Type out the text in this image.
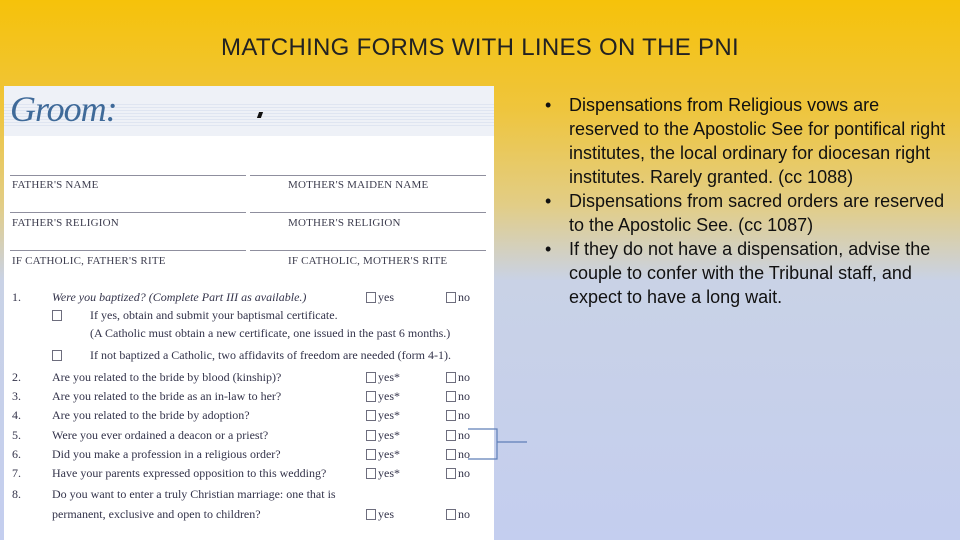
MATCHING FORMS WITH LINES ON THE PNI
Groom:
FATHER'S NAME	MOTHER'S MAIDEN NAME
FATHER'S RELIGION	MOTHER'S RELIGION
IF CATHOLIC, FATHER'S RITE	IF CATHOLIC, MOTHER'S RITE
1.	Were you baptized? (Complete Part III as available.)	yes	no
If yes, obtain and submit your baptismal certificate.
(A Catholic must obtain a new certificate, one issued in the past 6 months.)
If not baptized a Catholic, two affidavits of freedom are needed (form 4-1).
2.	Are you related to the bride by blood (kinship)?	yes*	no
3.	Are you related to the bride as an in-law to her?	yes*	no
4.	Are you related to the bride by adoption?	yes*	no
5.	Were you ever ordained a deacon or a priest?	yes*	no
6.	Did you make a profession in a religious order?	yes*	no
7.	Have your parents expressed opposition to this wedding?	yes*	no
8.	Do you want to enter a truly Christian marriage: one that is
permanent, exclusive and open to children?	yes	no

• Dispensations from Religious vows are reserved to the Apostolic See for pontifical right institutes, the local ordinary for diocesan right institutes. Rarely granted. (cc 1088)

• Dispensations from sacred orders are reserved to the Apostolic See. (cc 1087)

• If they do not have a dispensation, advise the couple to confer with the Tribunal staff, and expect to have a long wait.
